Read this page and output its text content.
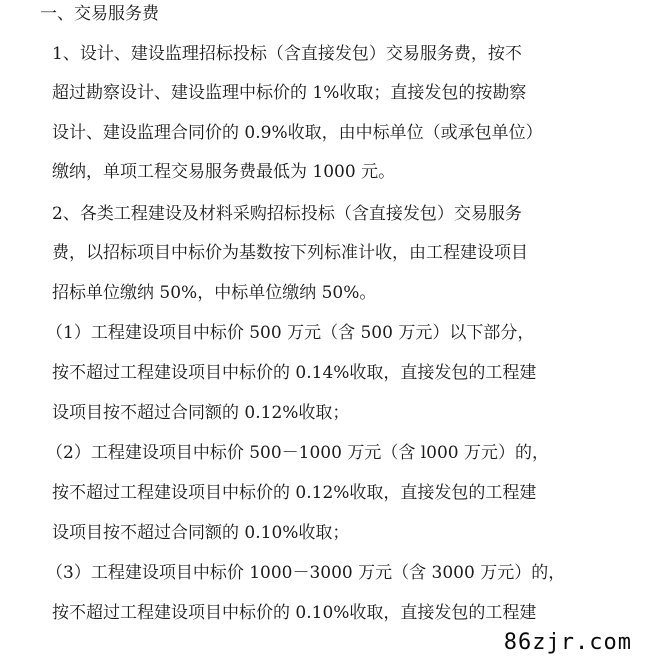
一、交易服务费
1、设计、建设监理招标投标（含直接发包）交易服务费，按不
超过勘察设计、建设监理中标价的 1%收取；直接发包的按勘察
设计、建设监理合同价的 0.9%收取，由中标单位（或承包单位）
缴纳，单项工程交易服务费最低为 1000 元。
2、各类工程建设及材料采购招标投标（含直接发包）交易服务
费，以招标项目中标价为基数按下列标准计收，由工程建设项目
招标单位缴纳 50%，中标单位缴纳 50%。
（1）工程建设项目中标价 500 万元（含 500 万元）以下部分，
按不超过工程建设项目中标价的 0.14%收取，直接发包的工程建
设项目按不超过合同额的 0.12%收取；
（2）工程建设项目中标价 500－1000 万元（含 l000 万元）的，
按不超过工程建设项目中标价的 0.12%收取，直接发包的工程建
设项目按不超过合同额的 0.10%收取；
（3）工程建设项目中标价 1000－3000 万元（含 3000 万元）的，
按不超过工程建设项目中标价的 0.10%收取，直接发包的工程建
86zjr.com
